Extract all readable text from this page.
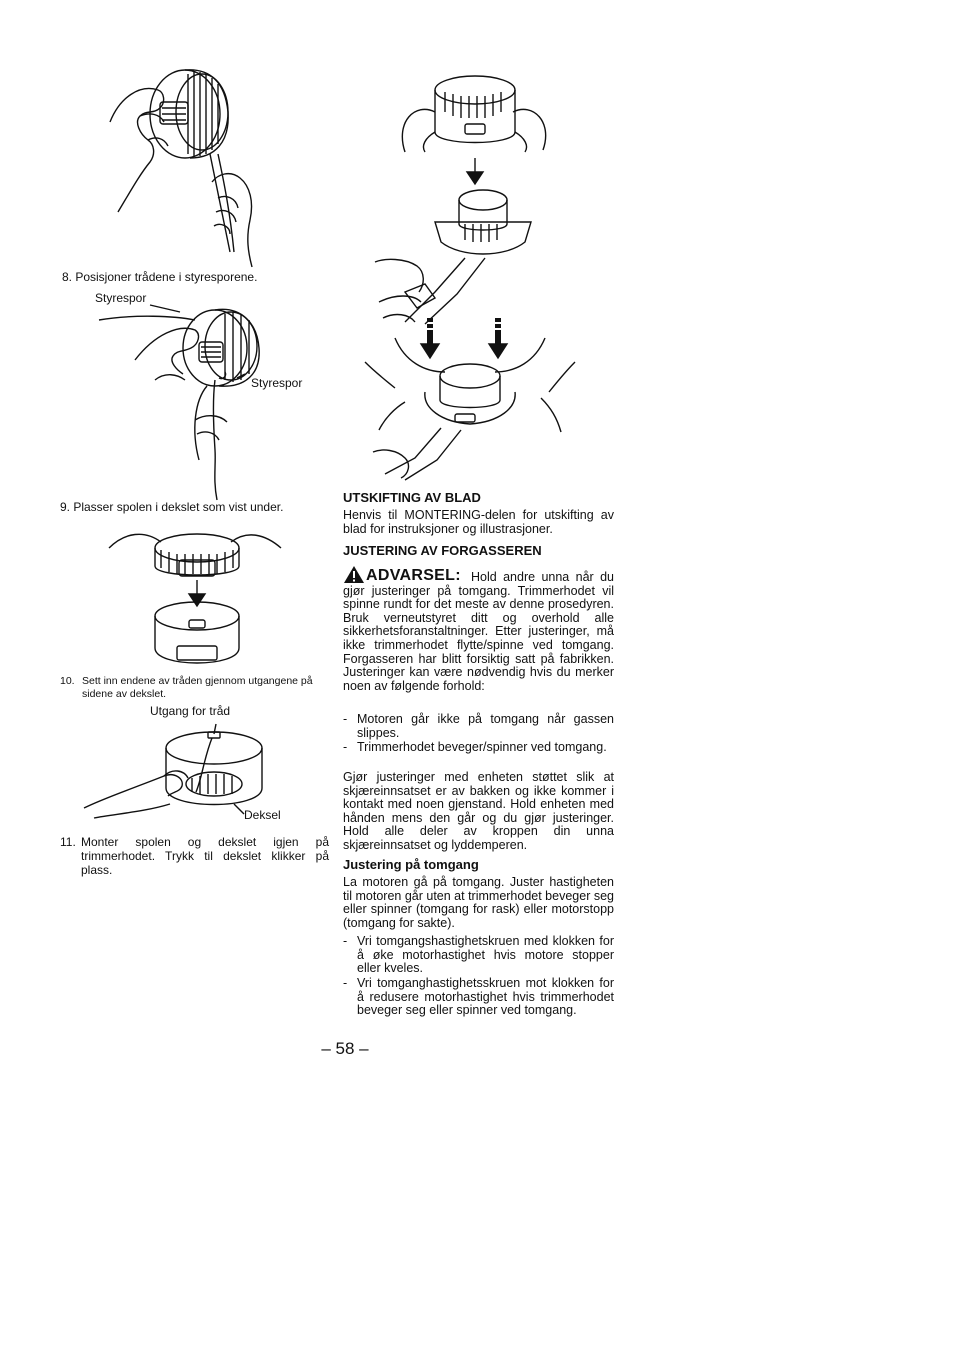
8. Posisjoner trådene i styresporene.
Styrespor
Styrespor
9. Plasser spolen i dekslet som vist under.
10. Sett inn endene av tråden gjennom utgangene på sidene av dekslet.
Utgang for tråd
Deksel
11. Monter spolen og dekslet igjen på trimmerhodet. Trykk til dekslet klikker på plass.
UTSKIFTING AV BLAD
Henvis til MONTERING-delen for utskifting av blad for instruksjoner og illustrasjoner.
JUSTERING AV FORGASSEREN
ADVARSEL: Hold andre unna når du gjør justeringer på tomgang. Trimmerhodet vil spinne rundt for det meste av denne prosedyren. Bruk verneutstyret ditt og overhold alle sikkerhetsforanstaltninger. Etter justeringer, må ikke trimmerhodet flytte/spinne ved tomgang. Forgasseren har blitt forsiktig satt på fabrikken. Justeringer kan være nødvendig hvis du merker noen av følgende forhold:
- Motoren går ikke på tomgang når gassen slippes.
- Trimmerhodet beveger/spinner ved tomgang.
Gjør justeringer med enheten støttet slik at skjæreinnsatset er av bakken og ikke kommer i kontakt med noen gjenstand. Hold enheten med hånden mens den går og du gjør justeringer. Hold alle deler av kroppen din unna skjæreinnsatset og lyddemperen.
Justering på tomgang
La motoren gå på tomgang. Juster hastigheten til motoren går uten at trimmerhodet beveger seg eller spinner (tomgang for rask) eller motorstopp (tomgang for sakte).
- Vri tomgangshastighetskruen med klokken for å øke motorhastighet hvis motore stopper eller kveles.
- Vri tomganghastighetsskruen mot klokken for å redusere motorhastighet hvis trimmerhodet beveger seg eller spinner ved tomgang.
– 58 –
